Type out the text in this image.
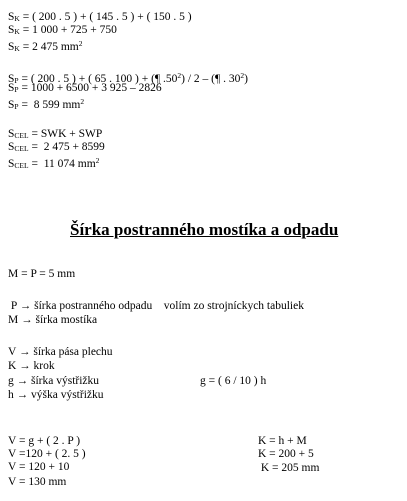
SK = ( 200 . 5 ) + ( 145 . 5 ) + ( 150 . 5 )
SK = 1 000 + 725 + 750
SK = 2 475 $mm^2$
SP = ( 200 . 5 ) + ( 65 . 100 ) + (¶ $.50^2) / 2$ – (¶ . $30^2$)
SP = 1000 + 6500 + 3 925 – 2826
SP =  8 599 $mm^2$
SCEL = SWK + SWP
SCEL =  2 475 + 8599
SCEL =  11 074 $mm^2$
Šírka postranného mostíka a odpadu
M = P = 5 mm
P → šírka postranného odpadu    volím zo strojníckych tabuliek
M → šírka mostíka
V → šírka pása plechu
K → krok
g → šírka výstřižku	g = ( 6 / 10 ) h
h → výška výstřižku
V = g + ( 2 . P )
V =120 + ( 2. 5 )
V = 120 + 10
V = 130 mm
K = h + M
K = 200 + 5
K = 205 mm
